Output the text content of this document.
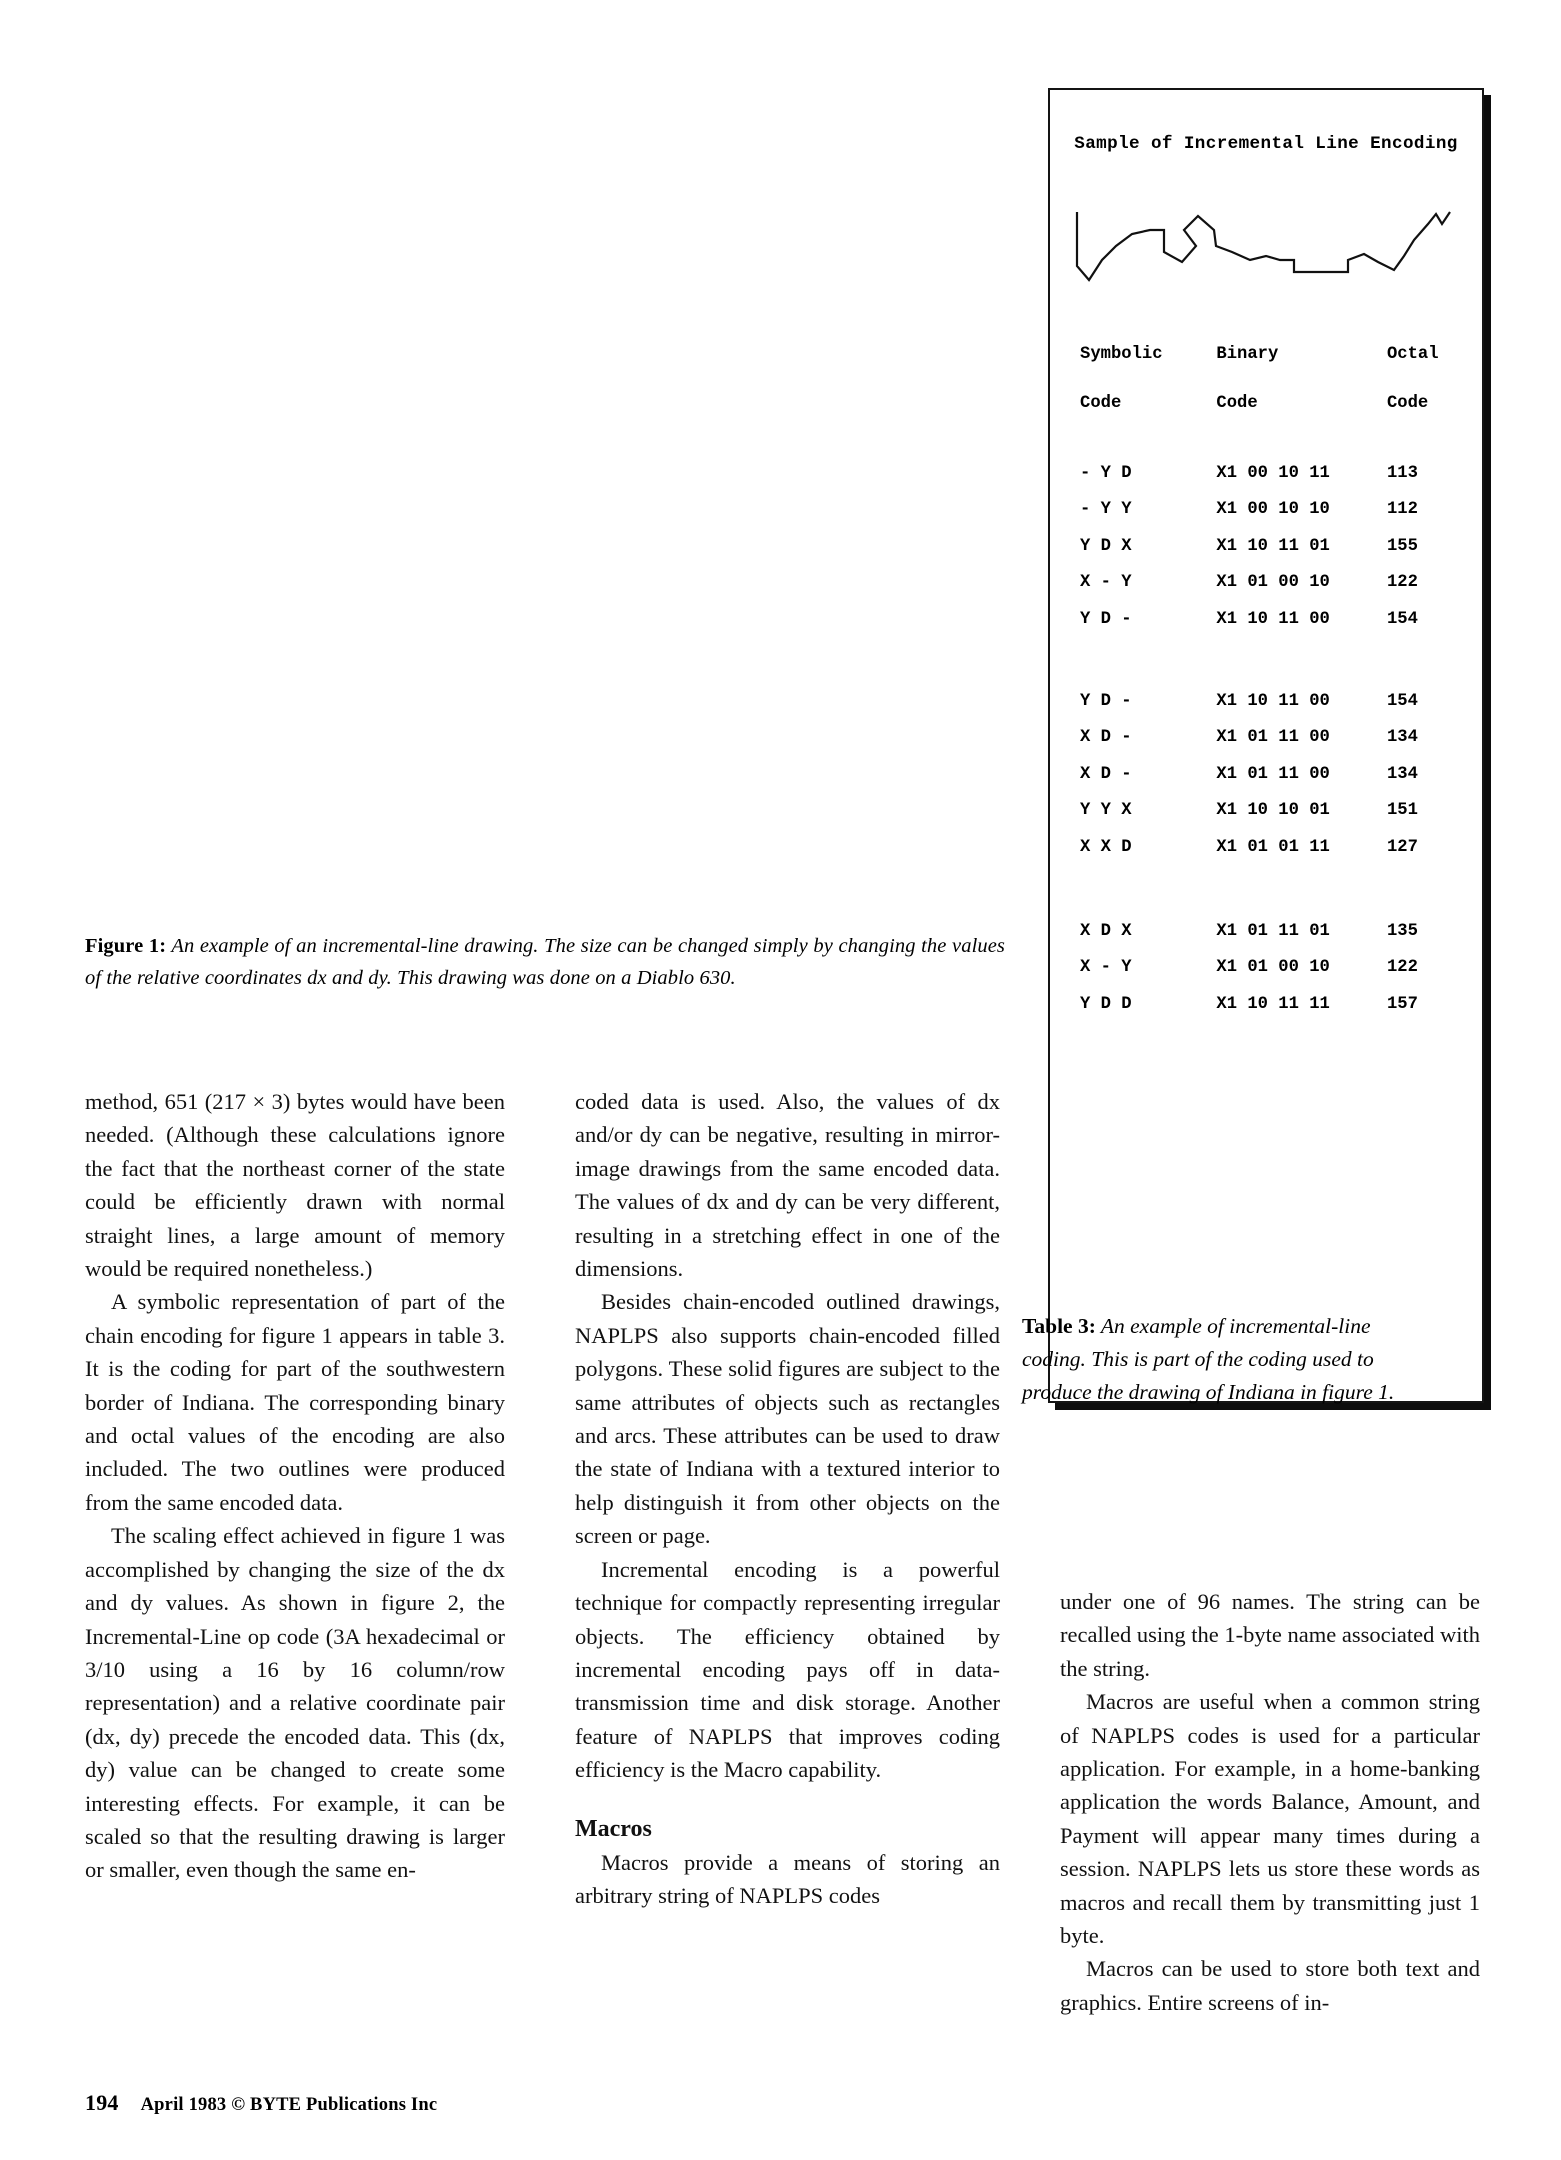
Figure 1: An example of an incremental-line drawing. The size can be changed simply by changing the values of the relative coordinates dx and dy. This drawing was done on a Diablo 630.

method, 651 (217 × 3) bytes would have been needed. (Although these calculations ignore the fact that the northeast corner of the state could be efficiently drawn with normal straight lines, a large amount of memory would be required nonetheless.)

A symbolic representation of part of the chain encoding for figure 1 appears in table 3. It is the coding for part of the southwestern border of Indiana. The corresponding binary and octal values of the encoding are also included. The two outlines were produced from the same encoded data.

The scaling effect achieved in figure 1 was accomplished by changing the size of the dx and dy values. As shown in figure 2, the Incremental-Line op code (3A hexadecimal or 3/10 using a 16 by 16 column/row representation) and a relative coordinate pair (dx, dy) precede the encoded data. This (dx, dy) value can be changed to create some interesting effects. For example, it can be scaled so that the resulting drawing is larger or smaller, even though the same en-

coded data is used. Also, the values of dx and/or dy can be negative, resulting in mirror-image drawings from the same encoded data. The values of dx and dy can be very different, resulting in a stretching effect in one of the dimensions.

Besides chain-encoded outlined drawings, NAPLPS also supports chain-encoded filled polygons. These solid figures are subject to the same attributes of objects such as rectangles and arcs. These attributes can be used to draw the state of Indiana with a textured interior to help distinguish it from other objects on the screen or page.

Incremental encoding is a powerful technique for compactly representing irregular objects. The efficiency obtained by incremental encoding pays off in data-transmission time and disk storage. Another feature of NAPLPS that improves coding efficiency is the Macro capability.

Macros

Macros provide a means of storing an arbitrary string of NAPLPS codes

under one of 96 names. The string can be recalled using the 1-byte name associated with the string.

Macros are useful when a common string of NAPLPS codes is used for a particular application. For example, in a home-banking application the words Balance, Amount, and Payment will appear many times during a session. NAPLPS lets us store these words as macros and recall them by transmitting just 1 byte.

Macros can be used to store both text and graphics. Entire screens of in-

Sample of Incremental Line Encoding
Symbolic	Binary	Octal
Code	Code	Code
- Y D	X1 00 10 11	113
- Y Y	X1 00 10 10	112
Y D X	X1 10 11 01	155
X - Y	X1 01 00 10	122
Y D -	X1 10 11 00	154

Y D -	X1 10 11 00	154
X D -	X1 01 11 00	134
X D -	X1 01 11 00	134
Y Y X	X1 10 10 01	151
X X D	X1 01 01 11	127

X D X	X1 01 11 01	135
X - Y	X1 01 00 10	122
Y D D	X1 10 11 11	157
Table 3: An example of incremental-line coding. This is part of the coding used to produce the drawing of Indiana in figure 1.
194 April 1983 © BYTE Publications Inc
